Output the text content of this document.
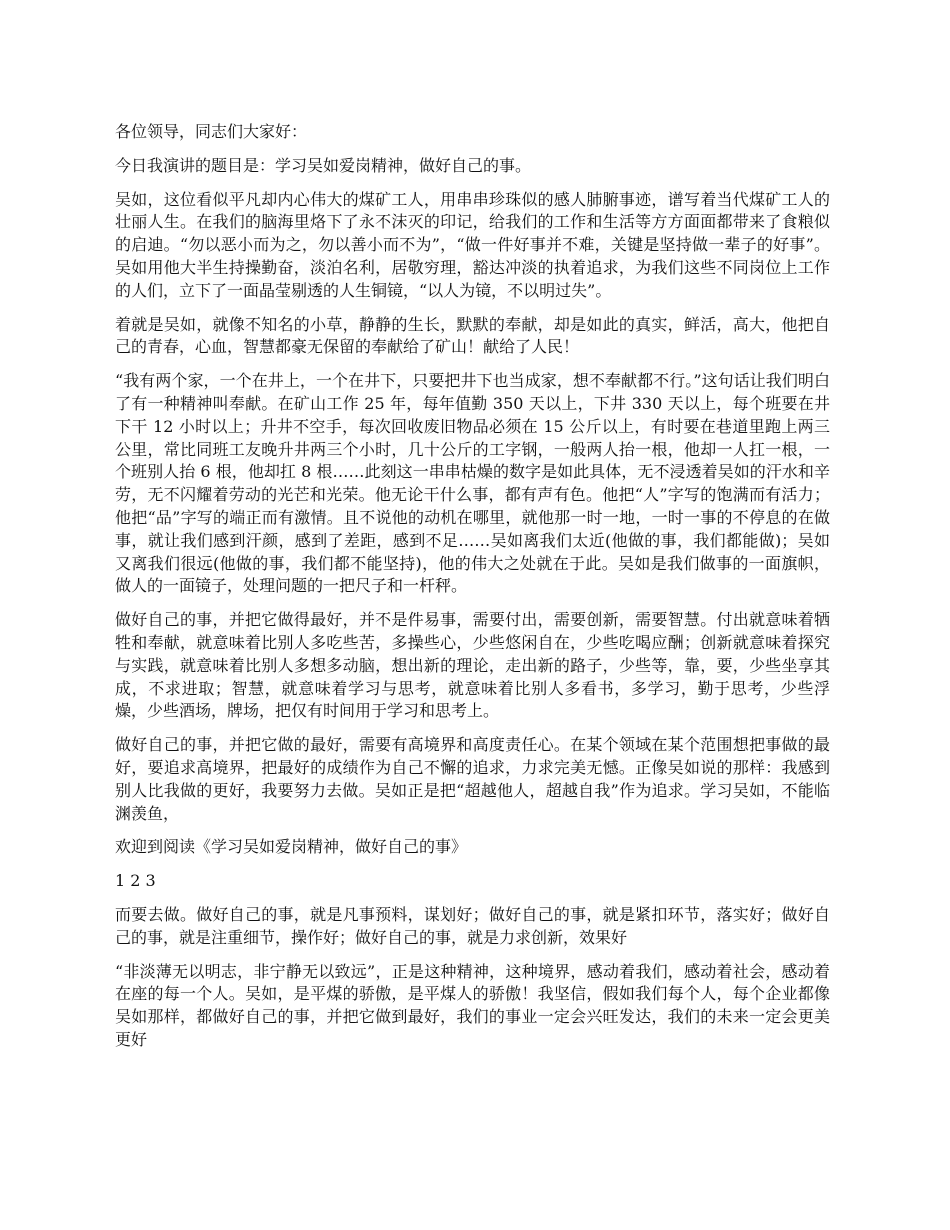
各位领导，同志们大家好：

今日我演讲的题目是：学习吴如爱岗精神，做好自己的事。

吴如，这位看似平凡却内心伟大的煤矿工人，用串串珍珠似的感人肺腑事迹，谱写着当代煤矿工人的壮丽人生。在我们的脑海里烙下了永不沫灭的印记，给我们的工作和生活等方方面面都带来了食粮似的启迪。“勿以恶小而为之，勿以善小而不为”，“做一件好事并不难，关键是坚持做一辈子的好事”。吴如用他大半生持操勤奋，淡泊名利，居敬穷理，豁达冲淡的执着追求，为我们这些不同岗位上工作的人们，立下了一面晶莹剔透的人生铜镜，“以人为镜，不以明过失”。

着就是吴如，就像不知名的小草，静静的生长，默默的奉献，却是如此的真实，鲜活，高大，他把自己的青春，心血，智慧都豪无保留的奉献给了矿山！献给了人民！

“我有两个家，一个在井上，一个在井下，只要把井下也当成家，想不奉献都不行。”这句话让我们明白了有一种精神叫奉献。在矿山工作 25 年，每年值勤 350 天以上，下井 330 天以上，每个班要在井下干 12 小时以上；升井不空手，每次回收废旧物品必须在 15 公斤以上，有时要在巷道里跑上两三公里，常比同班工友晚升井两三个小时，几十公斤的工字钢，一般两人抬一根，他却一人扛一根，一个班别人抬 6 根，他却扛 8 根……此刻这一串串枯燥的数字是如此具体，无不浸透着吴如的汗水和辛劳，无不闪耀着劳动的光芒和光荣。他无论干什么事，都有声有色。他把“人”字写的饱满而有活力；他把“品”字写的端正而有激情。且不说他的动机在哪里，就他那一时一地，一时一事的不停息的在做事，就让我们感到汗颜，感到了差距，感到不足……吴如离我们太近(他做的事，我们都能做)；吴如又离我们很远(他做的事，我们都不能坚持)，他的伟大之处就在于此。吴如是我们做事的一面旗帜，做人的一面镜子，处理问题的一把尺子和一杆秤。

做好自己的事，并把它做得最好，并不是件易事，需要付出，需要创新，需要智慧。付出就意味着牺牲和奉献，就意味着比别人多吃些苦，多操些心，少些悠闲自在，少些吃喝应酬；创新就意味着探究与实践，就意味着比别人多想多动脑，想出新的理论，走出新的路子，少些等，靠，要，少些坐享其成，不求进取；智慧，就意味着学习与思考，就意味着比别人多看书，多学习，勤于思考，少些浮燥，少些酒场，牌场，把仅有时间用于学习和思考上。

做好自己的事，并把它做的最好，需要有高境界和高度责任心。在某个领域在某个范围想把事做的最好，要追求高境界，把最好的成绩作为自己不懈的追求，力求完美无憾。正像吴如说的那样：我感到别人比我做的更好，我要努力去做。吴如正是把“超越他人，超越自我”作为追求。学习吴如，不能临渊羡鱼，

欢迎到阅读《学习吴如爱岗精神，做好自己的事》

1 2 3

而要去做。做好自己的事，就是凡事预料，谋划好；做好自己的事，就是紧扣环节，落实好；做好自己的事，就是注重细节，操作好；做好自己的事，就是力求创新，效果好

“非淡薄无以明志，非宁静无以致远”，正是这种精神，这种境界，感动着我们，感动着社会，感动着在座的每一个人。吴如，是平煤的骄傲，是平煤人的骄傲！我坚信，假如我们每个人，每个企业都像吴如那样，都做好自己的事，并把它做到最好，我们的事业一定会兴旺发达，我们的未来一定会更美更好
